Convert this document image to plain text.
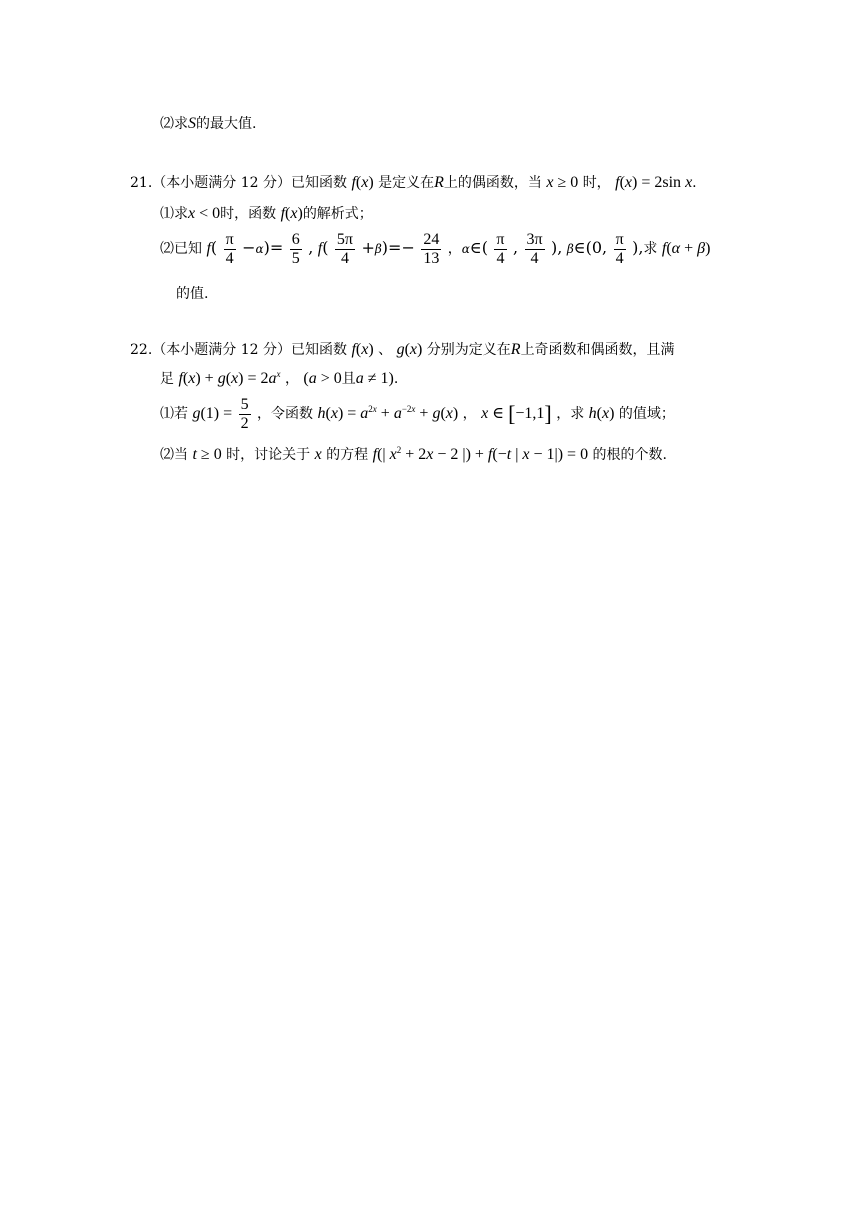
⑵求S的最大值.
21.（本小题满分 12 分）已知函数 f(x) 是定义在R上的偶函数，当 x ≥ 0 时， f(x) = 2sin x.
⑴求x < 0时，函数 f(x)的解析式；
⑵已知 $f( \frac{\pi}{4} -\alpha)= \frac{6}{5}$ , $f( \frac{5\pi}{4} +\beta)=- \frac{24}{13}$ ，α∈( $\frac{\pi}{4}$ , $\frac{3\pi}{4}$ ), β∈(0, $\frac{\pi}{4}$ ),求 f(α + β)
的值.
22.（本小题满分 12 分）已知函数 f(x) 、 g(x) 分别为定义在R上奇函数和偶函数，且满
足 $f(x) + g(x) = 2a^x$ ， (a > 0且a ≠ 1).
⑴若 $g(1) = \frac{5}{2}$ ，令函数 $h(x) = a^{2x} + a^{-2x} + g(x)$ ， x ∈ [−1,1] ，求 h(x) 的值域；
⑵当 t ≥ 0 时，讨论关于 x 的方程 f(| $x^2 + 2x - 2$ |) + f(−t | x − 1|) = 0 的根的个数.
